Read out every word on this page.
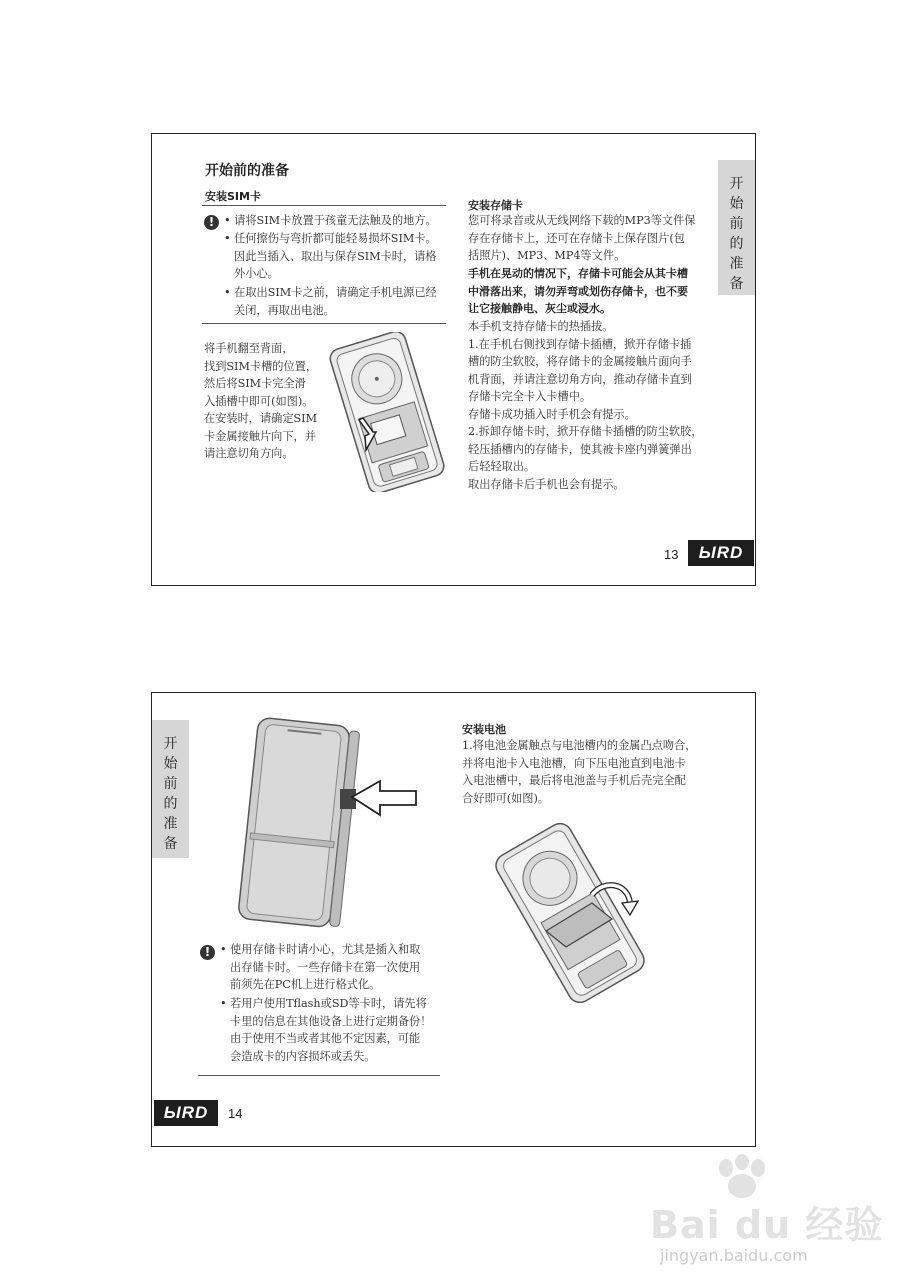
开始前的准备
安装SIM卡
! • 请将SIM卡放置于孩童无法触及的地方。
• 任何擦伤与弯折都可能轻易损坏SIM卡。
因此当插入、取出与保存SIM卡时，请格
外小心。
• 在取出SIM卡之前，请确定手机电源已经
关闭，再取出电池。
将手机翻至背面，
找到SIM卡槽的位置，
然后将SIM卡完全滑
入插槽中即可(如图)。
在安装时，请确定SIM
卡金属接触片向下，并
请注意切角方向。
安装存储卡
您可将录音或从无线网络下载的MP3等文件保
存在存储卡上，还可在存储卡上保存图片(包
括照片)、MP3、MP4等文件。
手机在晃动的情况下，存储卡可能会从其卡槽
中滑落出来，请勿弄弯或划伤存储卡，也不要
让它接触静电、灰尘或浸水。
本手机支持存储卡的热插拔。
1.在手机右侧找到存储卡插槽，掀开存储卡插
槽的防尘软胶，将存储卡的金属接触片面向手
机背面，并请注意切角方向，推动存储卡直到
存储卡完全卡入卡槽中。
存储卡成功插入时手机会有提示。
2.拆卸存储卡时，掀开存储卡插槽的防尘软胶，
轻压插槽内的存储卡，使其被卡座内弹簧弹出
后轻轻取出。
取出存储卡后手机也会有提示。
开
始
前
的
准
备
13	ЫRD
开
始
前
的
准
备
! • 使用存储卡时请小心，尤其是插入和取
出存储卡时。一些存储卡在第一次使用
前须先在PC机上进行格式化。
• 若用户使用Tflash或SD等卡时，请先将
卡里的信息在其他设备上进行定期备份！
由于使用不当或者其他不定因素，可能
会造成卡的内容损坏或丢失。
安装电池
1.将电池金属触点与电池槽内的金属凸点吻合，
并将电池卡入电池槽，向下压电池直到电池卡
入电池槽中，最后将电池盖与手机后壳完全配
合好即可(如图)。
ЫRD	14
Bai du 经验
jingyan.baidu.com
